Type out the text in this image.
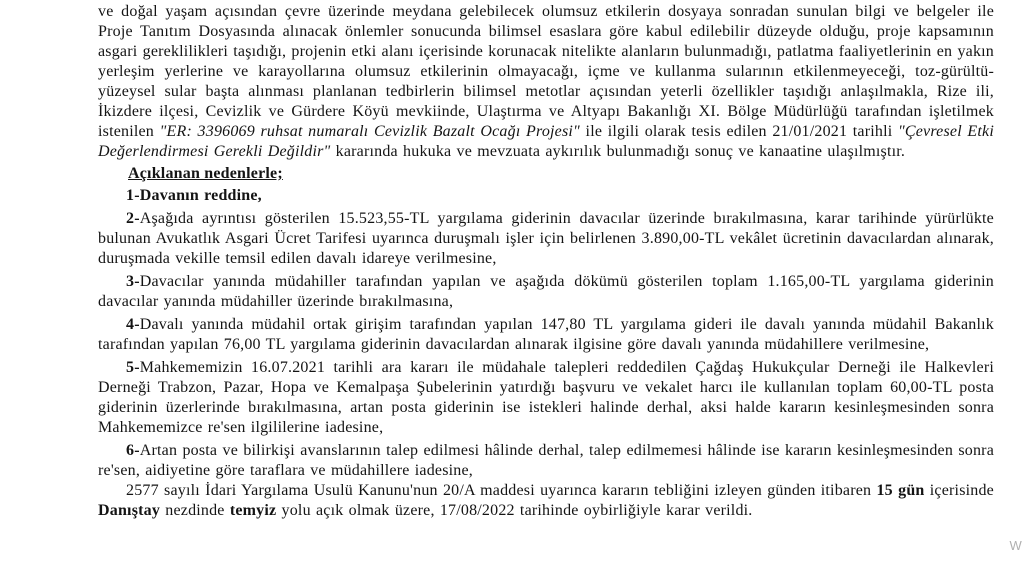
ve doğal yaşam açısından çevre üzerinde meydana gelebilecek olumsuz etkilerin dosyaya sonradan sunulan bilgi ve belgeler ile Proje Tanıtım Dosyasında alınacak önlemler sonucunda bilimsel esaslara göre kabul edilebilir düzeyde olduğu, proje kapsamının asgari gereklilikleri taşıdığı, projenin etki alanı içerisinde korunacak nitelikte alanların bulunmadığı, patlatma faaliyetlerinin en yakın yerleşim yerlerine ve karayollarına olumsuz etkilerinin olmayacağı, içme ve kullanma sularının etkilenmeyeceği, toz-gürültü-yüzeysel sular başta alınması planlanan tedbirlerin bilimsel metotlar açısından yeterli özellikler taşıdığı anlaşılmakla, Rize ili, İkizdere ilçesi, Cevizlik ve Gürdere Köyü mevkiinde, Ulaştırma ve Altyapı Bakanlığı XI. Bölge Müdürlüğü tarafından işletilmek istenilen "ER: 3396069 ruhsat numaralı Cevizlik Bazalt Ocağı Projesi" ile ilgili olarak tesis edilen 21/01/2021 tarihli "Çevresel Etki Değerlendirmesi Gerekli Değildir" kararında hukuka ve mevzuata aykırılık bulunmadığı sonuç ve kanaatine ulaşılmıştır.

Açıklanan nedenlerle;

1-Davanın reddine,

2-Aşağıda ayrıntısı gösterilen 15.523,55-TL yargılama giderinin davacılar üzerinde bırakılmasına, karar tarihinde yürürlükte bulunan Avukatlık Asgari Ücret Tarifesi uyarınca duruşmalı işler için belirlenen 3.890,00-TL vekâlet ücretinin davacılardan alınarak, duruşmada vekille temsil edilen davalı idareye verilmesine,

3-Davacılar yanında müdahiller tarafından yapılan ve aşağıda dökümü gösterilen toplam 1.165,00-TL yargılama giderinin davacılar yanında müdahiller üzerinde bırakılmasına,

4-Davalı yanında müdahil ortak girişim tarafından yapılan 147,80 TL yargılama gideri ile davalı yanında müdahil Bakanlık tarafından yapılan 76,00 TL yargılama giderinin davacılardan alınarak ilgisine göre davalı yanında müdahillere verilmesine,

5-Mahkememizin 16.07.2021 tarihli ara kararı ile müdahale talepleri reddedilen Çağdaş Hukukçular Derneği ile Halkevleri Derneği Trabzon, Pazar, Hopa ve Kemalpaşa Şubelerinin yatırdığı başvuru ve vekalet harcı ile kullanılan toplam 60,00-TL posta giderinin üzerlerinde bırakılmasına, artan posta giderinin ise istekleri halinde derhal, aksi halde kararın kesinleşmesinden sonra Mahkememizce re'sen ilgililerine iadesine,

6-Artan posta ve bilirkişi avanslarının talep edilmesi hâlinde derhal, talep edilmemesi hâlinde ise kararın kesinleşmesinden sonra re'sen, aidiyetine göre taraflara ve müdahillere iadesine,

2577 sayılı İdari Yargılama Usulü Kanunu'nun 20/A maddesi uyarınca kararın tebliğini izleyen günden itibaren 15 gün içerisinde Danıştay nezdinde temyiz yolu açık olmak üzere, 17/08/2022 tarihinde oybirliğiyle karar verildi.

W
